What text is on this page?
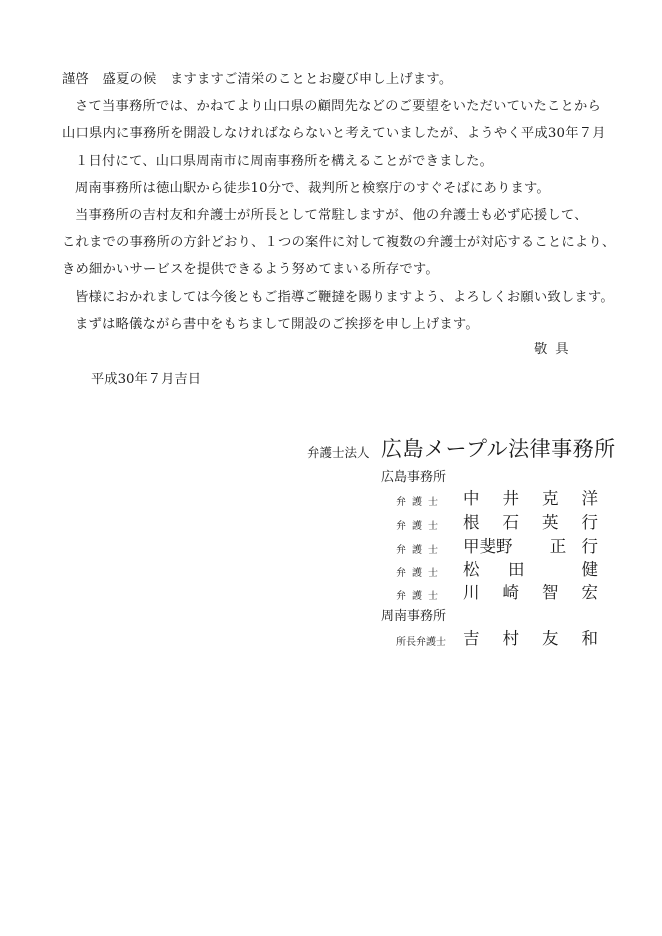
謹啓　盛夏の候　ますますご清栄のこととお慶び申し上げます。

さて当事務所では、かねてより山口県の顧問先などのご要望をいただいていたことから

山口県内に事務所を開設しなければならないと考えていましたが、ようやく平成30年７月

１日付にて、山口県周南市に周南事務所を構えることができました。

周南事務所は徳山駅から徒歩10分で、裁判所と検察庁のすぐそばにあります。

当事務所の吉村友和弁護士が所長として常駐しますが、他の弁護士も必ず応援して、

これまでの事務所の方針どおり、１つの案件に対して複数の弁護士が対応することにより、

きめ細かいサービスを提供できるよう努めてまいる所存です。

皆様におかれましては今後ともご指導ご鞭撻を賜りますよう、よろしくお願い致します。

まずは略儀ながら書中をもちまして開設のご挨拶を申し上げます。

敬具
平成30年７月吉日
弁護士法人 広島メープル法律事務所
広島事務所
弁護士	中 井 克 洋
弁護士	根 石 英 行
弁護士	甲斐野 正 行
弁護士	松 田	健
弁護士	川 崎 智 宏
周南事務所
所長弁護士	吉 村 友 和
